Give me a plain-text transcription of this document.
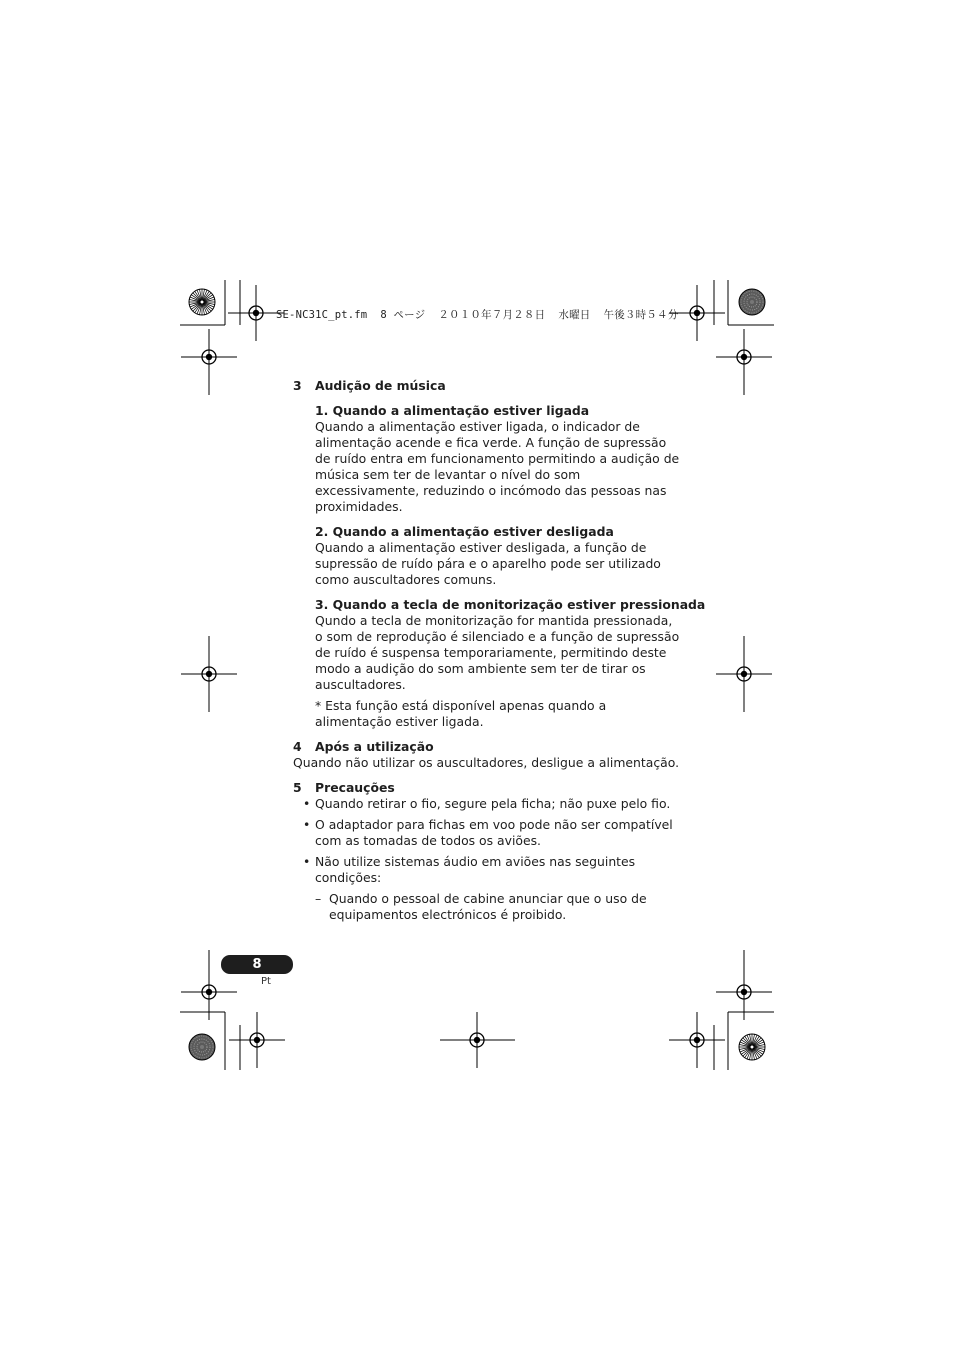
SE-NC31C_pt.fm  8 ページ  ２０１０年７月２８日  水曜日  午後３時５４分
3	Audição de música

1. Quando a alimentação estiver ligada

Quando a alimentação estiver ligada, o indicador de alimentação acende e fica verde. A função de supressão de ruído entra em funcionamento permitindo a audição de música sem ter de levantar o nível do som excessivamente, reduzindo o incómodo das pessoas nas proximidades.

2. Quando a alimentação estiver desligada

Quando a alimentação estiver desligada, a função de supressão de ruído pára e o aparelho pode ser utilizado como auscultadores comuns.

3. Quando a tecla de monitorização estiver pressionada

Qundo a tecla de monitorização for mantida pressionada, o som de reprodução é silenciado e a função de supressão de ruído é suspensa temporariamente, permitindo deste modo a audição do som ambiente sem ter de tirar os auscultadores.

* Esta função está disponível apenas quando a alimentação estiver ligada.

4	Após a utilização

Quando não utilizar os auscultadores, desligue a alimentação.

5	Precauções
• Quando retirar o fio, segure pela ficha; não puxe pelo fio.
• O adaptador para fichas em voo pode não ser compatível com as tomadas de todos os aviões.
• Não utilize sistemas áudio em aviões nas seguintes condições:
– Quando o pessoal de cabine anunciar que o uso de equipamentos electrónicos é proibido.
8
Pt
